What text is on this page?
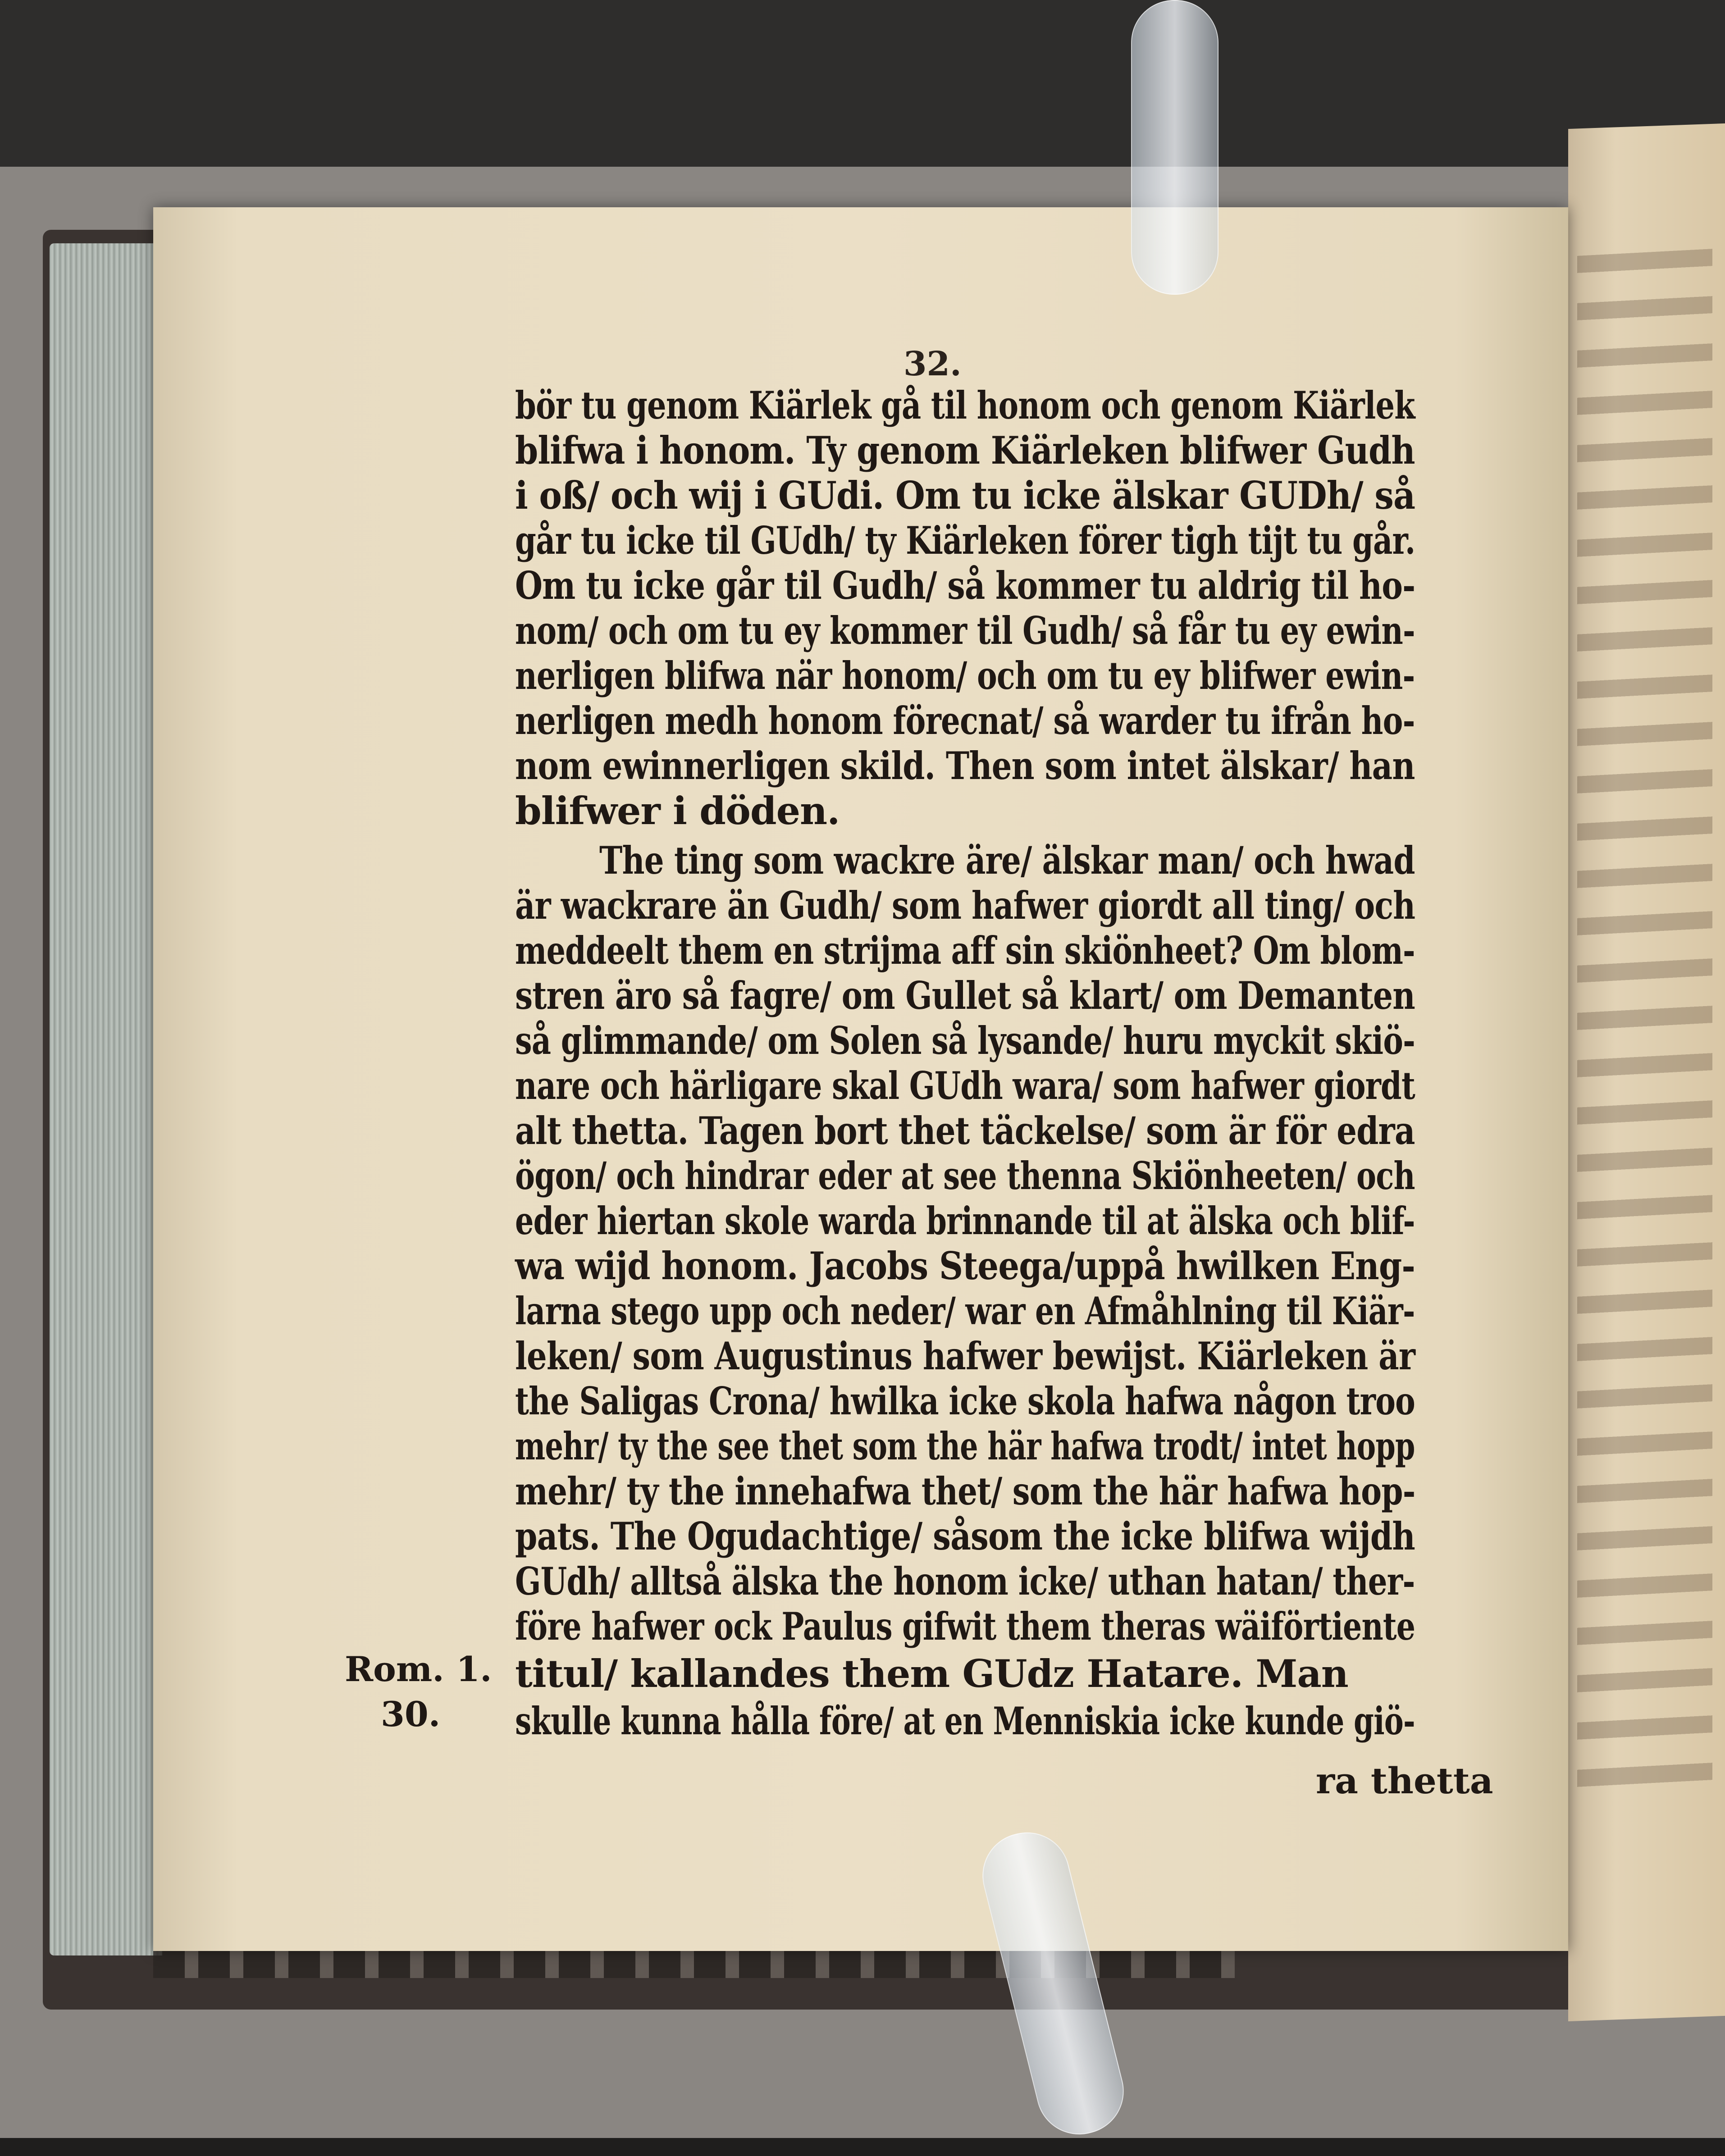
32.
bör tu genom Kiärlek gå til honom och genom Kiärlek
blifwa i honom. Ty genom Kiärleken blifwer Gudh
i oß/ och wij i GUdi. Om tu icke älskar GUDh/ så
går tu icke til GUdh/ ty Kiärleken förer tigh tijt tu går.
Om tu icke går til Gudh/ så kommer tu aldrig til ho-
nom/ och om tu ey kommer til Gudh/ så får tu ey ewin-
nerligen blifwa när honom/ och om tu ey blifwer ewin-
nerligen medh honom förecnat/ så warder tu ifrån ho-
nom ewinnerligen skild. Then som intet älskar/ han
blifwer i döden.
The ting som wackre äre/ älskar man/ och hwad
är wackrare än Gudh/ som hafwer giordt all ting/ och
meddeelt them en strijma aff sin skiönheet? Om blom-
stren äro så fagre/ om Gullet så klart/ om Demanten
så glimmande/ om Solen så lysande/ huru myckit skiö-
nare och härligare skal GUdh wara/ som hafwer giordt
alt thetta. Tagen bort thet täckelse/ som är för edra
ögon/ och hindrar eder at see thenna Skiönheeten/ och
eder hiertan skole warda brinnande til at älska och blif-
wa wijd honom. Jacobs Steega/uppå hwilken Eng-
larna stego upp och neder/ war en Afmåhlning til Kiär-
leken/ som Augustinus hafwer bewijst. Kiärleken är
the Saligas Crona/ hwilka icke skola hafwa någon troo
mehr/ ty the see thet som the här hafwa trodt/ intet hopp
mehr/ ty the innehafwa thet/ som the här hafwa hop-
pats. The Ogudachtige/ såsom the icke blifwa wijdh
GUdh/ alltså älska the honom icke/ uthan hatan/ ther-
före hafwer ock Paulus gifwit them theras wäiförtiente
titul/ kallandes them GUdz Hatare. Man
skulle kunna hålla före/ at en Menniskia icke kunde giö-
Rom. 1.
30.
ra thetta
